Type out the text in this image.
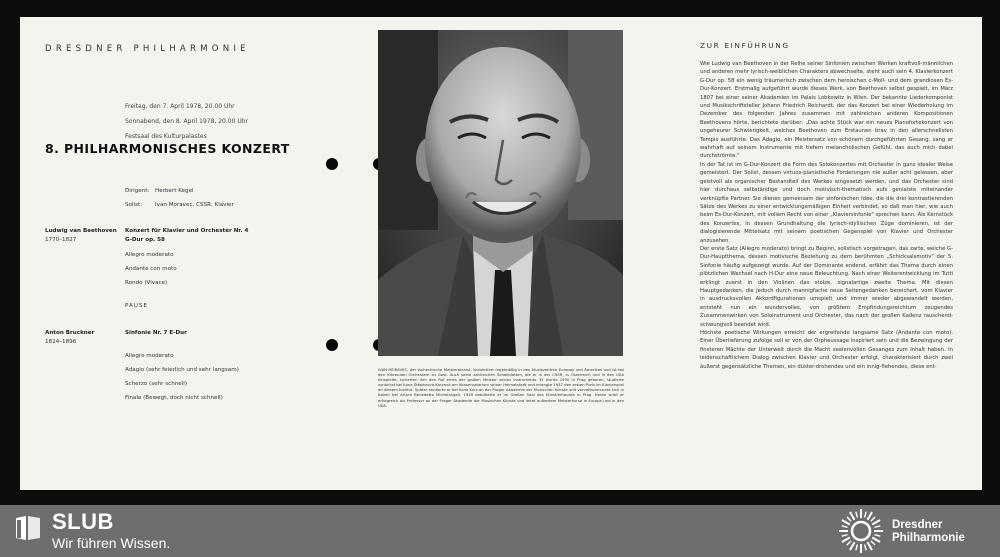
DRESDNER PHILHARMONIE
Freitag, den 7. April 1978, 20.00 Uhr
Sonnabend, den 8. April 1978, 20.00 Uhr
Festsaal des Kulturpalastes
8. PHILHARMONISCHES KONZERT
Dirigent: Herbert Kegel
Solist: Ivan Moravec, CSSR, Klavier
Ludwig van Beethoven
1770–1827
Konzert für Klavier und Orchester Nr. 4
G-Dur op. 58
Allegro moderato
Andante con moto
Rondo (Vivace)
PAUSE
Anton Bruckner
1824–1896
Sinfonie Nr. 7 E-Dur
Allegro moderato
Adagio (sehr feierlich und sehr langsam)
Scherzo (sehr schnell)
Finale (Bewegt, doch nicht schnell)
IVAN MORAVEC, der tschechische Meisterpianist, konzertiert regelmäßig in den Musikzentren Europas und Amerikas und ist bei den führenden Orchestern zu Gast. Auch seine zahlreichen Schallplatten, die er in der CSSR, in Österreich und in den USA einspielte, sicherten ihm den Ruf eines der großen Meister seines Instruments. Er wurde 1930 in Prag geboren, studierte zunächst bei Ilona Štěpánová-Kurzová am Konservatorium seiner Heimatstadt und erlangte 1957 den ersten Preis im Klavierspiel an diesem Institut. Später studierte er bei Ilona Kurz an der Prager Akademie der Musischen Künste und vervollkommnete sich in Italien bei Arturo Benedetto Michelangeli. 1949 debütierte er im Großen Saal des Künstlerhauses in Prag. Heute wirkt er erfolgreich als Professor an der Prager Akademie der Musischen Künste und leitet außerdem Meisterkurse in Europa und in den USA.
ZUR EINFÜHRUNG

Wie Ludwig van Beethoven in der Reihe seiner Sinfonien zwischen Werken kraftvoll-männlichen und anderen mehr lyrisch-weiblichen Charakters abwechselte, steht auch sein 4. Klavierkonzert G-Dur op. 58 ein wenig träumerisch zwischen dem heroischen c-Moll- und dem grandiosen Es-Dur-Konzert. Erstmalig aufgeführt wurde dieses Werk, von Beethoven selbst gespielt, im März 1807 bei einer seiner Akademien im Palais Lobkowitz in Wien. Der bekannte Liederkomponist und Musikschriftsteller Johann Friedrich Reichardt, der das Konzert bei einer Wiederholung im Dezember des folgenden Jahres zusammen mit zahlreichen anderen Kompositionen Beethovens hörte, berichtete darüber: „Das achte Stück war ein neues Pianofortekonzert von ungeheurer Schwierigkeit, welches Beethoven zum Erstaunen brav in den allerschnellsten Tempis ausführte. Das Adagio, ein Meistersatz von schönem durchgeführten Gesang, sang er wahrhaft auf seinem Instrumente mit tiefem melancholischen Gefühl, das auch mich dabei durchströmte."

In der Tat ist im G-Dur-Konzert die Form des Solokonzertes mit Orchester in ganz idealer Weise gemeistert. Der Solist, dessen virtuos-pianistische Forderungen nie außer acht gelassen, aber geistvoll als organischer Bestandteil des Werkes eingesetzt werden, und das Orchester sind hier durchaus selbständige und doch motivisch-thematisch aufs genialste miteinander verknüpfte Partner. Sie dienen gemeinsam der sinfonischen Idee, die die drei kontrastierenden Sätze des Werkes zu einer entwicklungsmäßigen Einheit verbindet, so daß man hier, wie auch beim Es-Dur-Konzert, mit vollem Recht von einer „Klaviersinfonie" sprechen kann. Als Kernstück des Konzertes, in dessen Grundhaltung die lyrisch-idyllischen Züge dominieren, ist der dialogisierende Mittelsatz mit seinem poetischen Gegenspiel von Klavier und Orchester anzusehen.

Der erste Satz (Allegro moderato) bringt zu Beginn, solistisch vorgetragen, das zarte, weiche G-Dur-Hauptthema, dessen motivische Beziehung zu dem berühmten „Schicksalsmotiv" der 5. Sinfonie häufig aufgezeigt wurde. Auf der Dominante endend, erfährt das Thema durch einen plötzlichen Wechsel nach H-Dur eine neue Beleuchtung. Nach einer Weiterentwicklung im Tutti erklingt zuerst in den Violinen das stolze, signalartige zweite Thema. Mit diesen Hauptgedanken, die jedoch durch mannigfache neue Seitengedanken bereichert, vom Klavier in ausdrucksvollen Akkordfigurationen umspielt und immer wieder abgewandelt werden, entsteht nun ein wundervolles, von größtem Empfindungsreichtum zeugendes Zusammenwirken von Soloinstrument und Orchester, das nach der großen Kadenz rauschend-schwungvoll beendet wird.

Höchste poetische Wirkungen erreicht der ergreifende langsame Satz (Andante con moto). Einer Überlieferung zufolge soll er von der Orpheussage inspiriert sein und die Bezwingung der finsteren Mächte der Unterwelt durch die Macht seelenvollen Gesanges zum Inhalt haben. In leidenschaftlichem Dialog zwischen Klavier und Orchester erfolgt, charakterisiert durch zwei äußerst gegensätzliche Themen, ein düster-drohendes und ein innig-flehendes, diese ent-

SLUB
Wir führen Wissen.
Dresdner
Philharmonie
